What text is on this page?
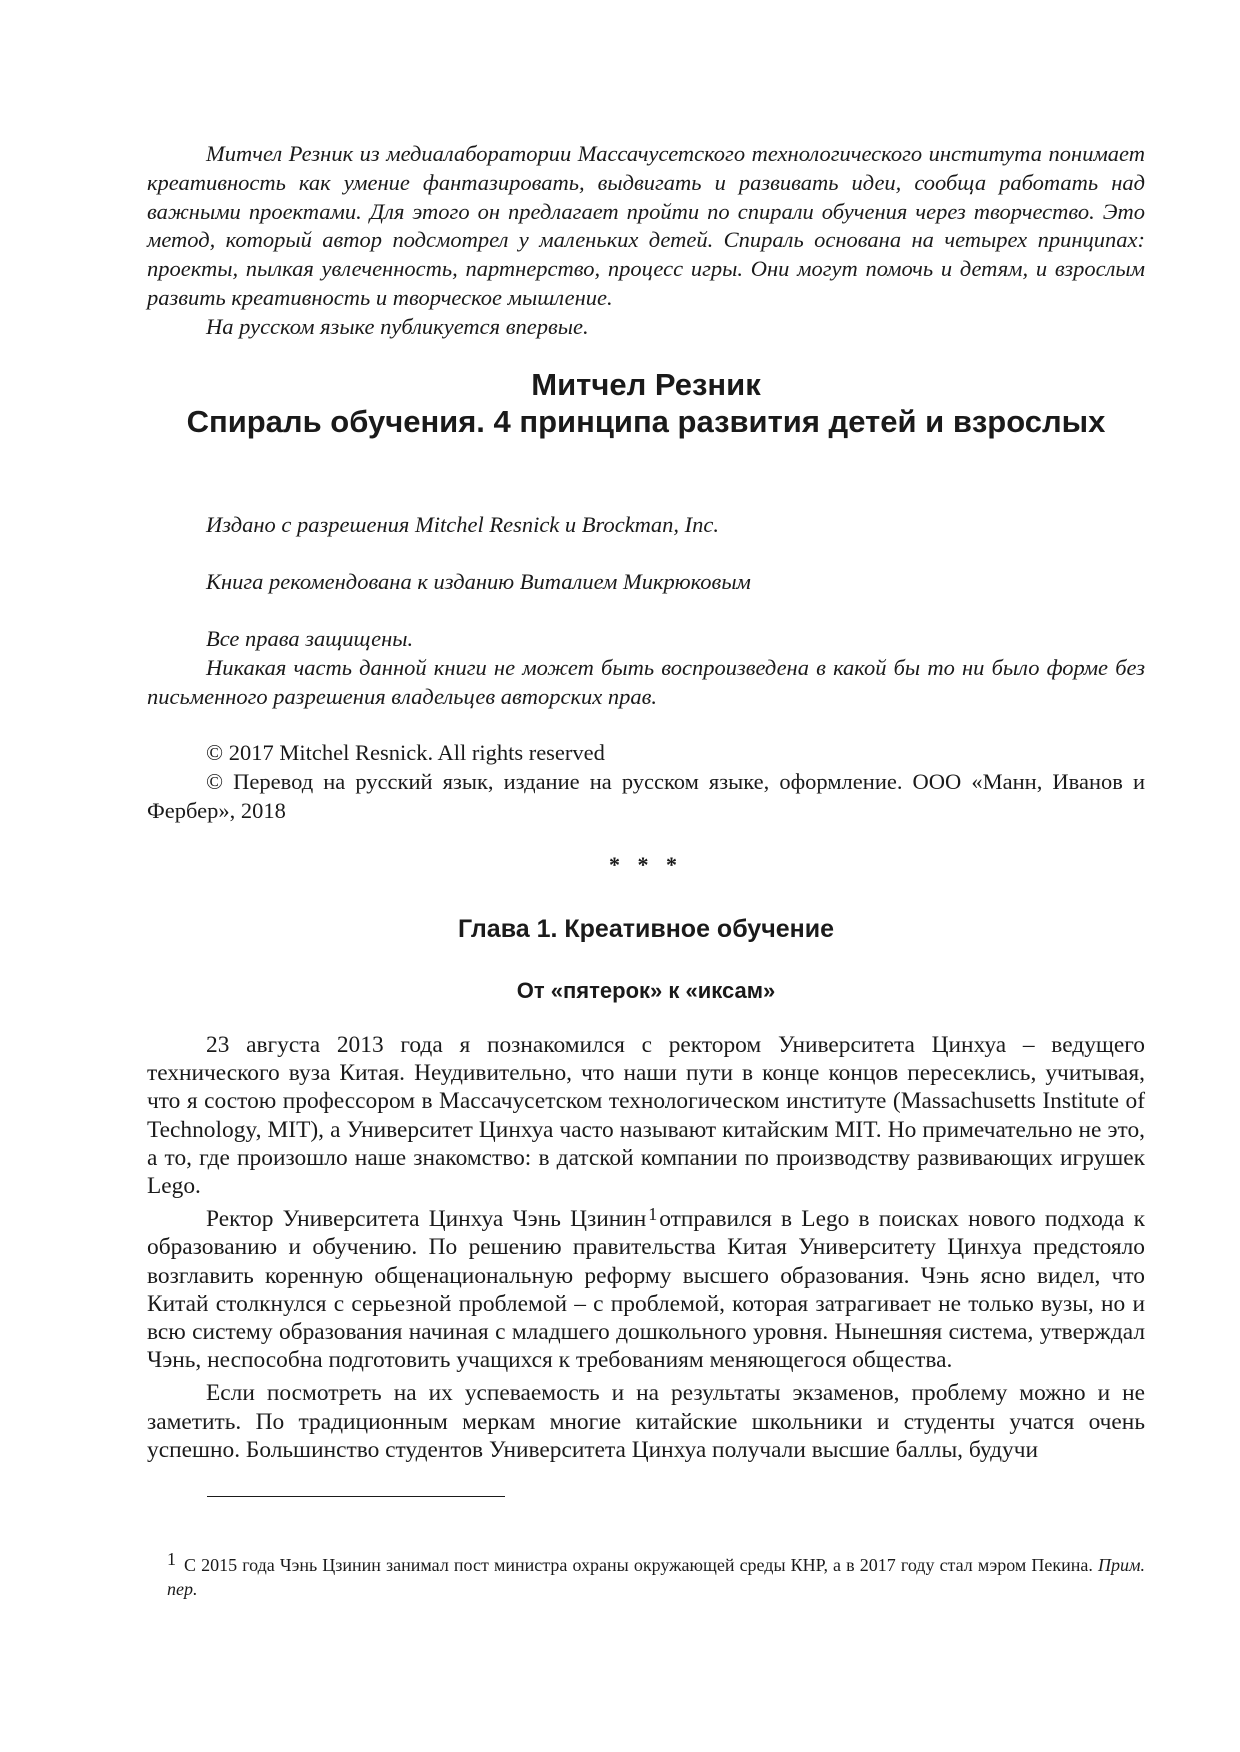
Митчел Резник из медиалаборатории Массачусетского технологического института понимает креативность как умение фантазировать, выдвигать и развивать идеи, сообща работать над важными проектами. Для этого он предлагает пройти по спирали обучения через творчество. Это метод, который автор подсмотрел у маленьких детей. Спираль основана на четырех принципах: проекты, пылкая увлеченность, партнерство, процесс игры. Они могут помочь и детям, и взрослым развить креативность и творческое мышление.

На русском языке публикуется впервые.

Митчел Резник

Спираль обучения. 4 принципа развития детей и взрослых

Издано с разрешения Mitchel Resnick и Brockman, Inc.

Книга рекомендована к изданию Виталием Микрюковым

Все права защищены.

Никакая часть данной книги не может быть воспроизведена в какой бы то ни было форме без письменного разрешения владельцев авторских прав.

© 2017 Mitchel Resnick. All rights reserved

© Перевод на русский язык, издание на русском языке, оформление. ООО «Манн, Иванов и Фербер», 2018

* * *

Глава 1. Креативное обучение

От «пятерок» к «иксам»

23 августа 2013 года я познакомился с ректором Университета Цинхуа – ведущего технического вуза Китая. Неудивительно, что наши пути в конце концов пересеклись, учитывая, что я состою профессором в Массачусетском технологическом институте (Massachusetts Institute of Technology, MIT), а Университет Цинхуа часто называют китайским MIT. Но примечательно не это, а то, где произошло наше знакомство: в датской компании по производству развивающих игрушек Lego.

Ректор Университета Цинхуа Чэнь Цзинин $^1$отправился в Lego в поисках нового подхода к образованию и обучению. По решению правительства Китая Университету Цинхуа предстояло возглавить коренную общенациональную реформу высшего образования. Чэнь ясно видел, что Китай столкнулся с серьезной проблемой – с проблемой, которая затрагивает не только вузы, но и всю систему образования начиная с младшего дошкольного уровня. Нынешняя система, утверждал Чэнь, неспособна подготовить учащихся к требованиям меняющегося общества.

Если посмотреть на их успеваемость и на результаты экзаменов, проблему можно и не заметить. По традиционным меркам многие китайские школьники и студенты учатся очень успешно. Большинство студентов Университета Цинхуа получали высшие баллы, будучи

1 С 2015 года Чэнь Цзинин занимал пост министра охраны окружающей среды КНР, а в 2017 году стал мэром Пекина. Прим. пер.
